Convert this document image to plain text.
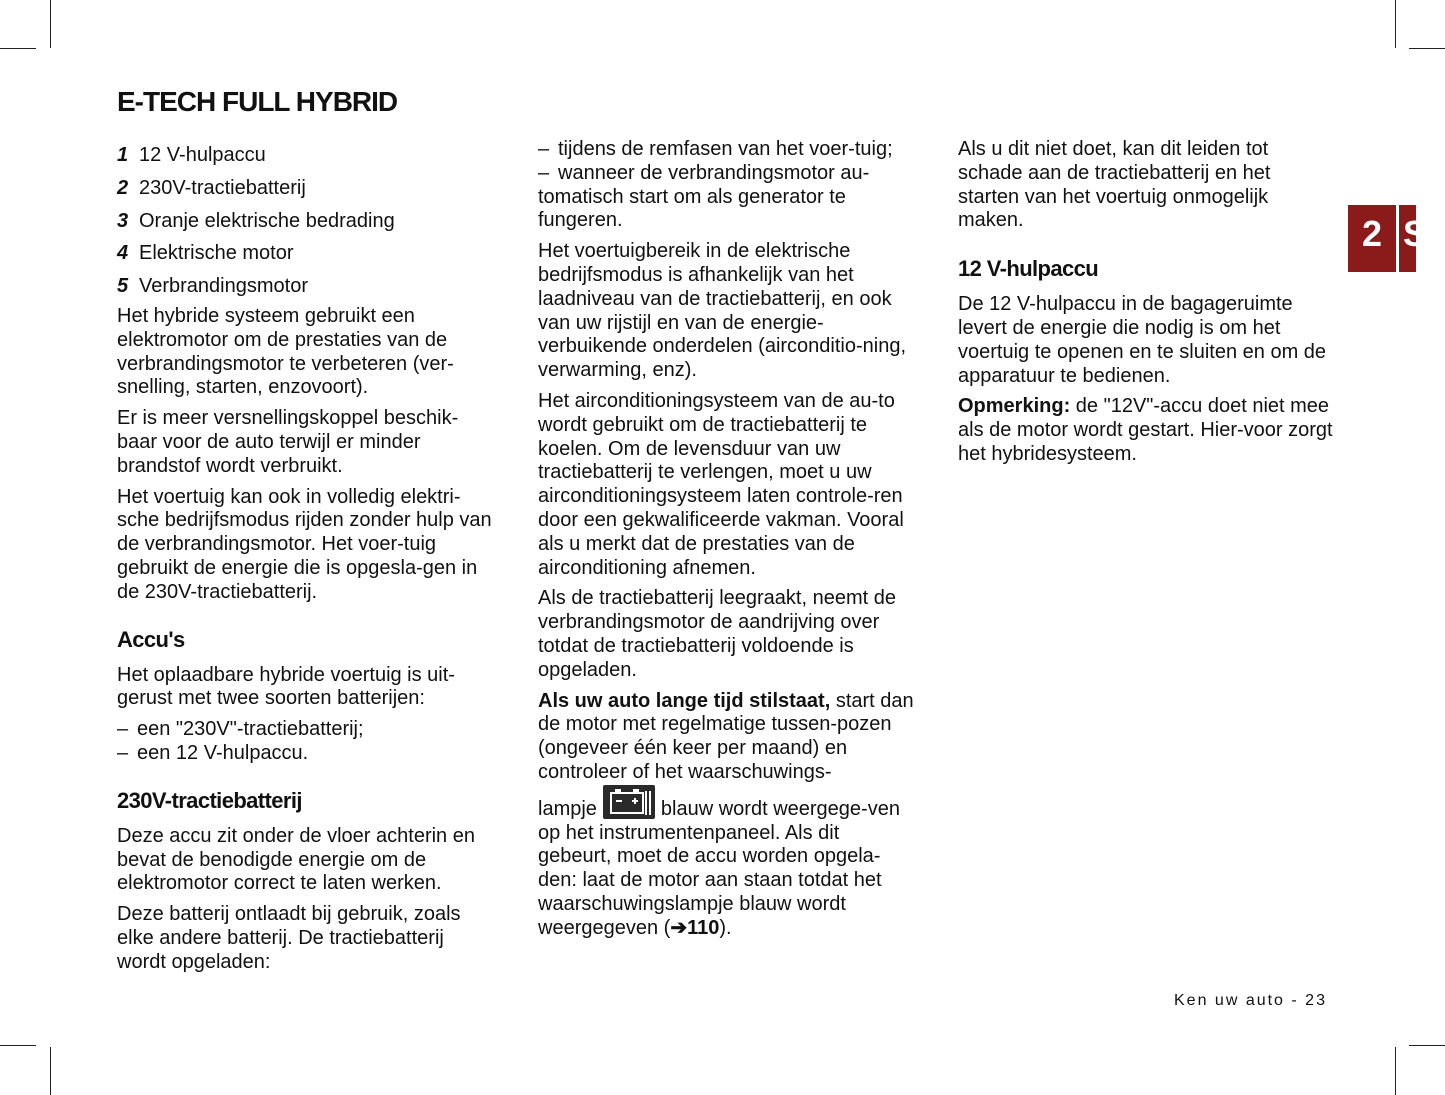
E-TECH FULL HYBRID
1 12 V-hulpaccu
2 230V-tractiebatterij
3 Oranje elektrische bedrading
4 Elektrische motor
5 Verbrandingsmotor

Het hybride systeem gebruikt een elektromotor om de prestaties van de verbrandingsmotor te verbeteren (ver-snelling, starten, enzovoort).

Er is meer versnellingskoppel beschik-baar voor de auto terwijl er minder brandstof wordt verbruikt.

Het voertuig kan ook in volledig elektri-sche bedrijfsmodus rijden zonder hulp van de verbrandingsmotor. Het voer-tuig gebruikt de energie die is opgesla-gen in de 230V-tractiebatterij.

Accu's

Het oplaadbare hybride voertuig is uit-gerust met twee soorten batterijen:

– een "230V"-tractiebatterij;
– een 12 V-hulpaccu.
230V-tractiebatterij

Deze accu zit onder de vloer achterin en bevat de benodigde energie om de elektromotor correct te laten werken.

Deze batterij ontlaadt bij gebruik, zoals elke andere batterij. De tractiebatterij wordt opgeladen:

– tijdens de remfasen van het voer-tuig;
– wanneer de verbrandingsmotor au-tomatisch start om als generator te fungeren.

Het voertuigbereik in de elektrische bedrijfsmodus is afhankelijk van het laadniveau van de tractiebatterij, en ook van uw rijstijl en van de energie-verbuikende onderdelen (airconditio-ning, verwarming, enz).

Het airconditioningsysteem van de au-to wordt gebruikt om de tractiebatterij te koelen. Om de levensduur van uw tractiebatterij te verlengen, moet u uw airconditioningsysteem laten controle-ren door een gekwalificeerde vakman. Vooral als u merkt dat de prestaties van de airconditioning afnemen.

Als de tractiebatterij leegraakt, neemt de verbrandingsmotor de aandrijving over totdat de tractiebatterij voldoende is opgeladen.

Als uw auto lange tijd stilstaat, start dan de motor met regelmatige tussen-pozen (ongeveer één keer per maand) en controleer of het waarschuwings-
lampje	blauw wordt weergege-ven op het instrumentenpaneel. Als dit gebeurt, moet de accu worden opgela-den: laat de motor aan staan totdat het waarschuwingslampje blauw wordt weergegeven (➔110).

Als u dit niet doet, kan dit leiden tot schade aan de tractiebatterij en het starten van het voertuig onmogelijk maken.

12 V-hulpaccu

De 12 V-hulpaccu in de bagageruimte levert de energie die nodig is om het voertuig te openen en te sluiten en om de apparatuur te bedienen.

Opmerking: de "12V"-accu doet niet mee als de motor wordt gestart. Hier-voor zorgt het hybridesysteem.

2 S
Ken uw auto - 23
